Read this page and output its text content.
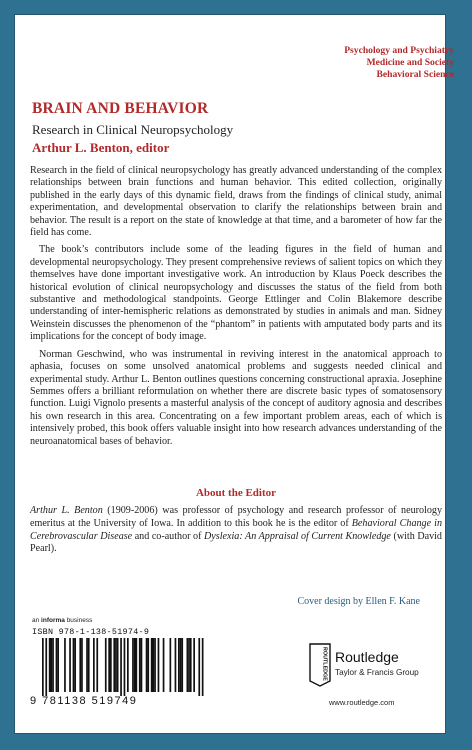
Psychology and Psychiatry
Medicine and Society
Behavioral Science
BRAIN AND BEHAVIOR
Research in Clinical Neuropsychology
Arthur L. Benton, editor

Research in the field of clinical neuropsychology has greatly advanced understanding of the complex relationships between brain functions and human behavior. This edited collection, originally published in the early days of this dynamic field, draws from the findings of clinical study, animal experimentation, and developmental observation to clarify the relationships between brain and behavior. The result is a report on the state of knowledge at that time, and a barometer of how far the field has come.

The book’s contributors include some of the leading figures in the field of human and developmental neuropsychology. They present comprehensive reviews of salient topics on which they themselves have done important investigative work. An introduction by Klaus Poeck describes the historical evolution of clinical neuropsychology and discusses the status of the field from both substantive and methodological standpoints. George Ettlinger and Colin Blakemore describe understanding of inter-hemispheric relations as demonstrated by studies in animals and man. Sidney Weinstein discusses the phenomenon of the “phantom” in patients with amputated body parts and its implications for the concept of body image.

Norman Geschwind, who was instrumental in reviving interest in the anatomical approach to aphasia, focuses on some unsolved anatomical problems and suggests needed clinical and experimental study. Arthur L. Benton outlines questions concerning constructional apraxia. Josephine Semmes offers a brilliant reformulation on whether there are discrete basic types of somatosensory function. Luigi Vignolo presents a masterful analysis of the concept of auditory agnosia and describes his own research in this area. Concentrating on a few important problem areas, each of which is intensively probed, this book offers valuable insight into how research advances understanding of the neuroanatomical bases of behavior.

About the Editor

Arthur L. Benton (1909-2006) was professor of psychology and research professor of neurology emeritus at the University of Iowa. In addition to this book he is the editor of Behavioral Change in Cerebrovascular Disease and co-author of Dyslexia: An Appraisal of Current Knowledge (with David Pearl).

Cover design by Ellen F. Kane
an informa business
ISBN 978-1-138-51974-9
9 781138 519749
ROUTLEDGE Routledge
Taylor & Francis Group
www.routledge.com
